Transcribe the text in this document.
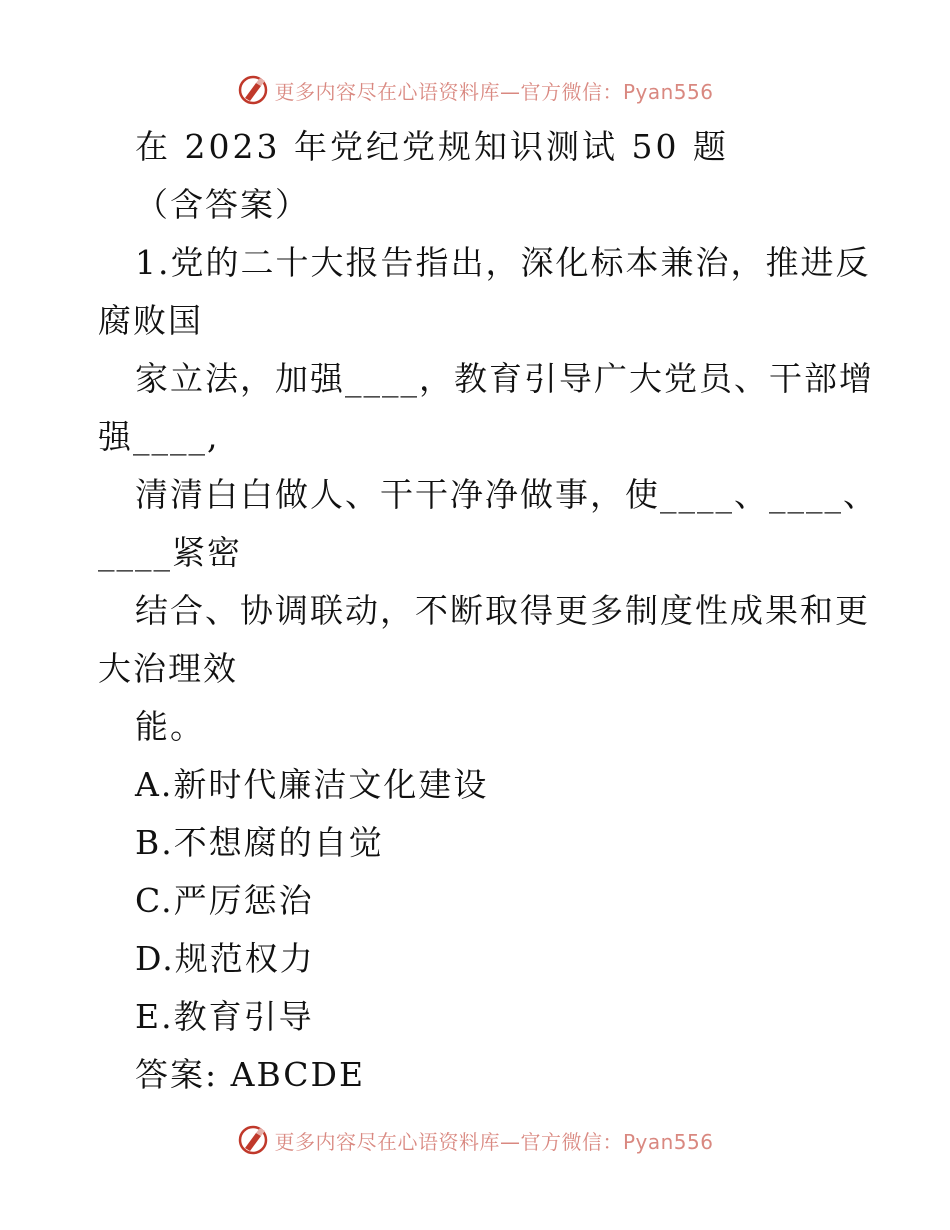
更多内容尽在心语资料库—官方微信：Pyan556
在 2023 年党纪党规知识测试 50 题
（含答案）
1.党的二十大报告指出，深化标本兼治，推进反
腐败国
家立法，加强____，教育引导广大党员、干部增
强____,
清清白白做人、干干净净做事，使____、____、
____紧密
结合、协调联动，不断取得更多制度性成果和更
大治理效
能。
A.新时代廉洁文化建设
B.不想腐的自觉
C.严厉惩治
D.规范权力
E.教育引导
答案: ABCDE
更多内容尽在心语资料库—官方微信：Pyan556
